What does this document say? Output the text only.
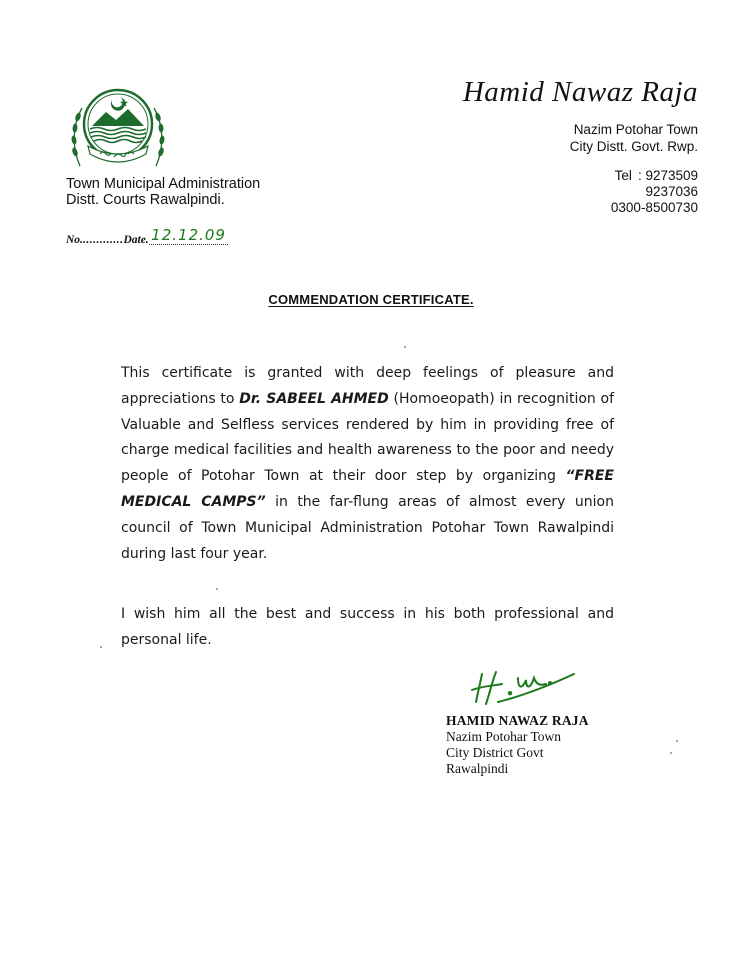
Town Municipal Administration
Distt. Courts Rawalpindi.
No.............Date. 12.12.09
Hamid Nawaz Raja
Nazim Potohar Town
City Distt. Govt. Rwp.
Tel : 9273509
9237036
0300-8500730
COMMENDATION CERTIFICATE.
This certificate is granted with deep feelings of pleasure and appreciations to Dr. SABEEL AHMED (Homoeopath) in recognition of Valuable and Selfless services rendered by him in providing free of charge medical facilities and health awareness to the poor and needy people of Potohar Town at their door step by organizing “FREE MEDICAL CAMPS” in the far-flung areas of almost every union council of Town Municipal Administration Potohar Town Rawalpindi during last four year.
I wish him all the best and success in his both professional and personal life.
HAMID NAWAZ RAJA
Nazim Potohar Town
City District Govt
Rawalpindi
